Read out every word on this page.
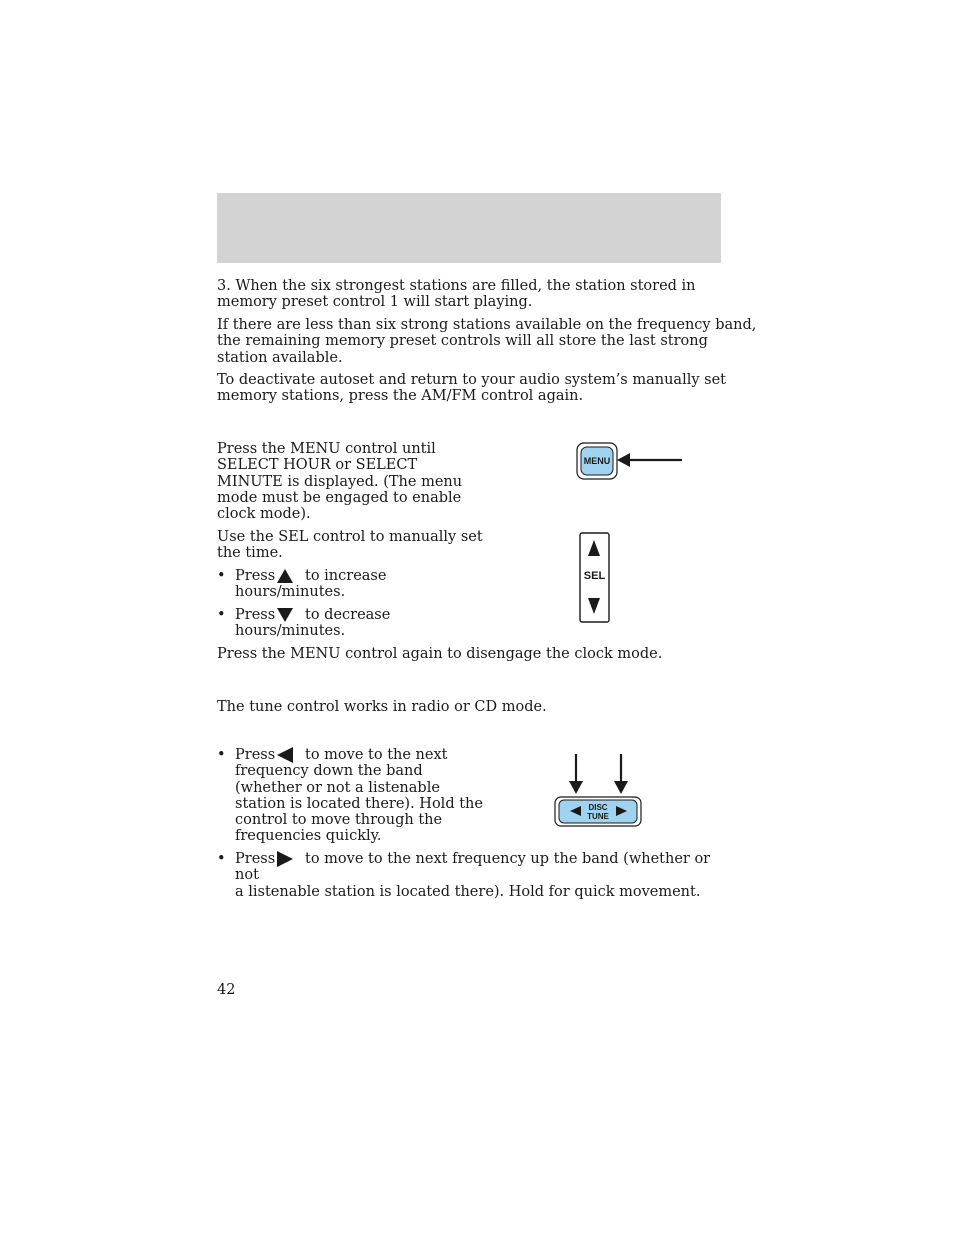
3. When the six strongest stations are filled, the station stored in
memory preset control 1 will start playing.

If there are less than six strong stations available on the frequency band,
the remaining memory preset controls will all store the last strong
station available.

To deactivate autoset and return to your audio system’s manually set
memory stations, press the AM/FM control again.

Press the MENU control until
SELECT HOUR or SELECT
MINUTE is displayed. (The menu
mode must be engaged to enable
clock mode).

MENU

Use the SEL control to manually set
the time.

• Press	to increase
hours/minutes.
• Press	to decrease
hours/minutes.
SEL

Press the MENU control again to disengage the clock mode.

The tune control works in radio or CD mode.

• Press	to move to the next
frequency down the band
(whether or not a listenable
station is located there). Hold the
control to move through the
frequencies quickly.
DISC
TUNE
• Press	to move to the next frequency up the band (whether or not
a listenable station is located there). Hold for quick movement.

42
